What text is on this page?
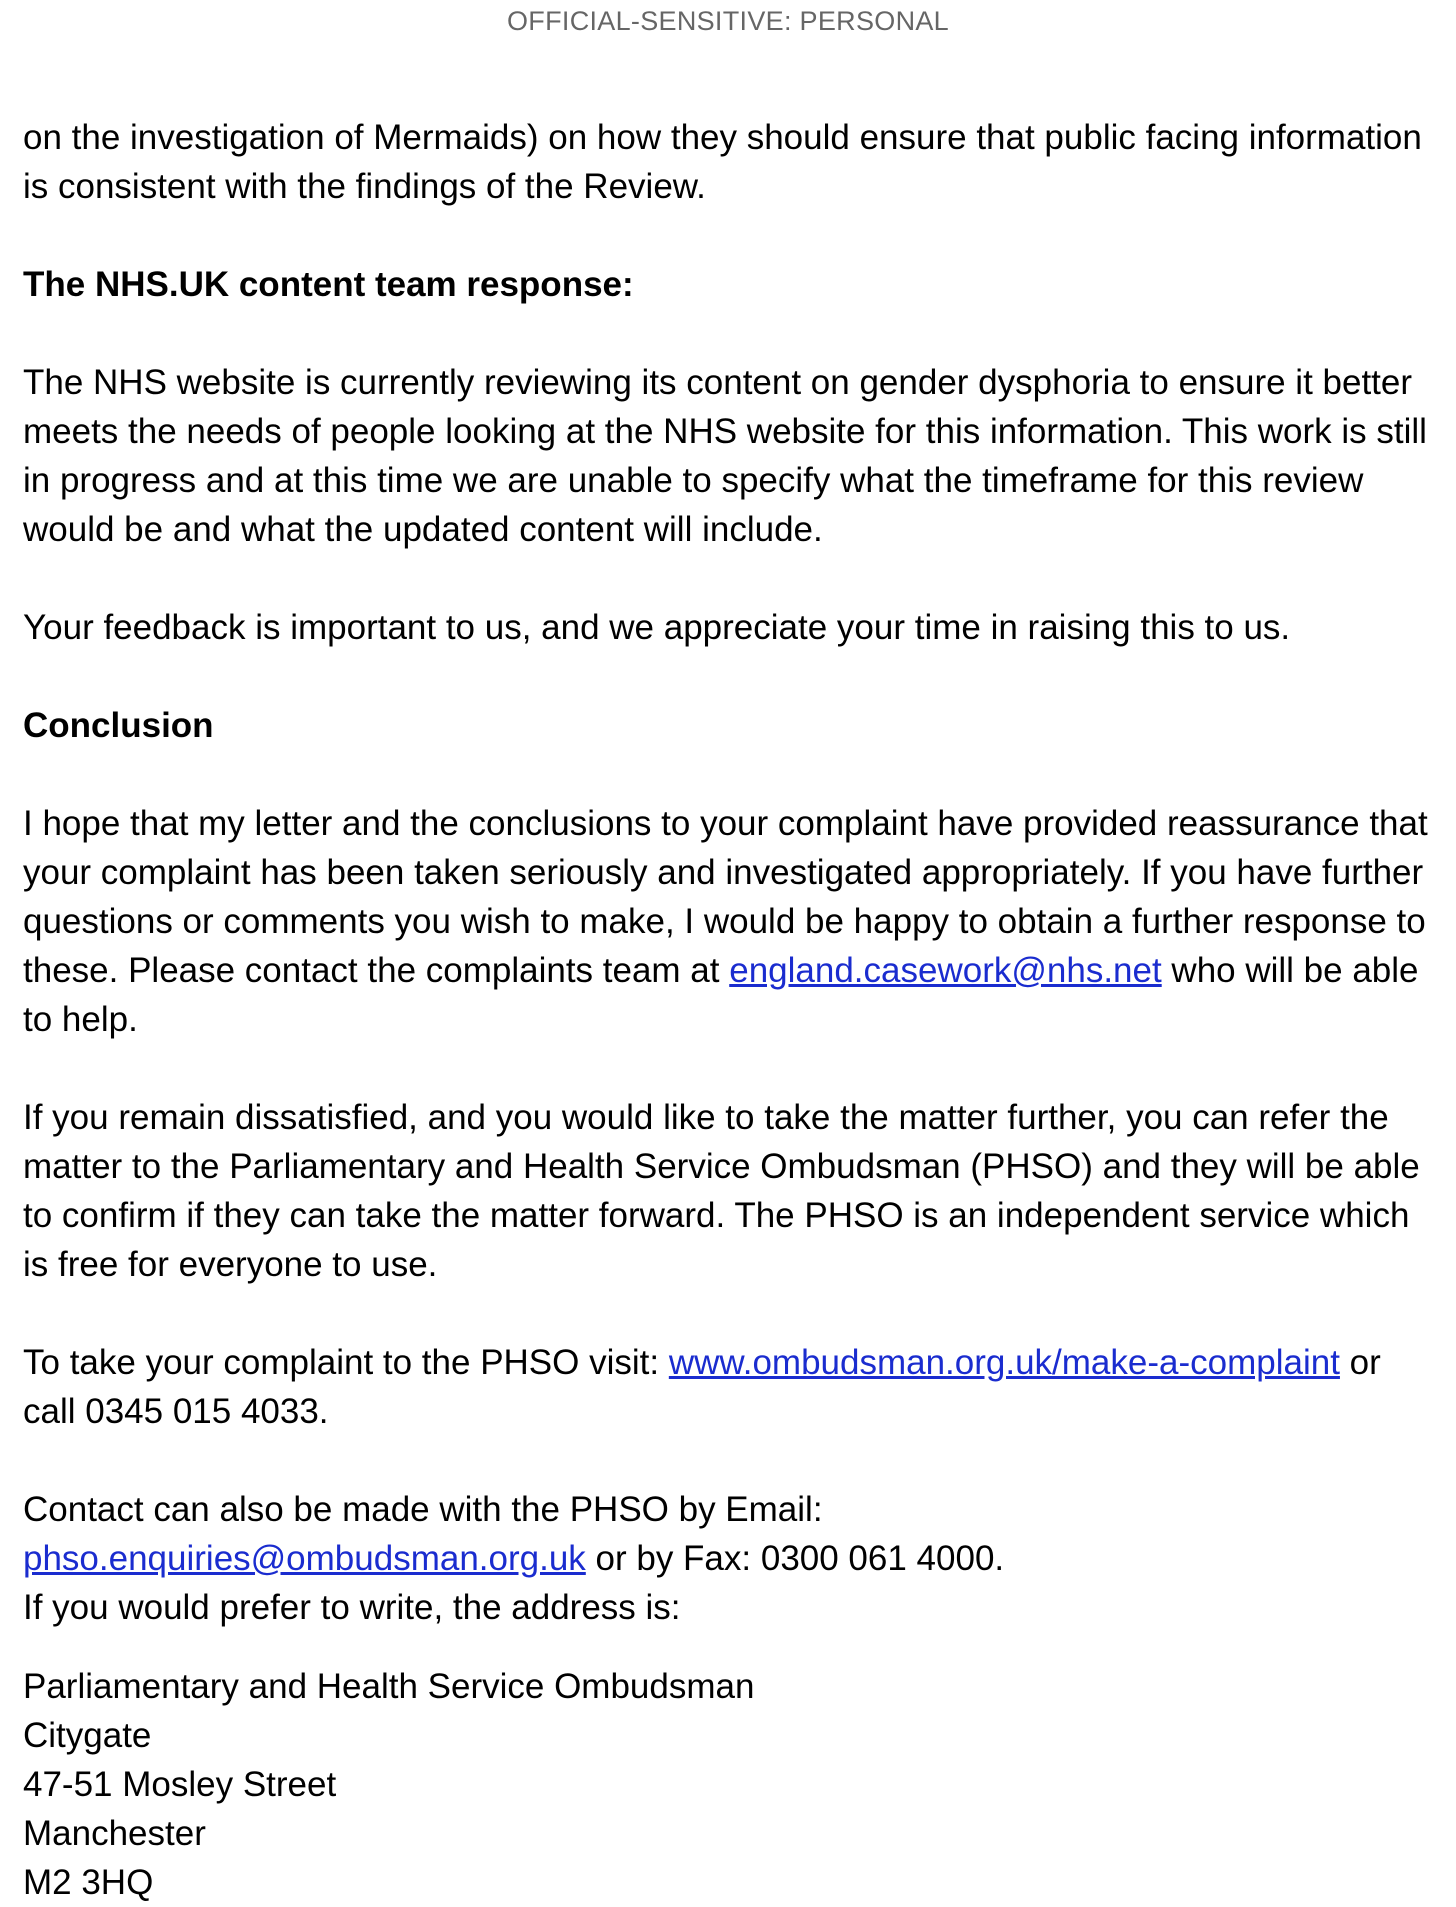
OFFICIAL-SENSITIVE: PERSONAL

on the investigation of Mermaids) on how they should ensure that public facing information is consistent with the findings of the Review.

The NHS.UK content team response:

The NHS website is currently reviewing its content on gender dysphoria to ensure it better meets the needs of people looking at the NHS website for this information. This work is still in progress and at this time we are unable to specify what the timeframe for this review would be and what the updated content will include.

Your feedback is important to us, and we appreciate your time in raising this to us.

Conclusion

I hope that my letter and the conclusions to your complaint have provided reassurance that your complaint has been taken seriously and investigated appropriately. If you have further questions or comments you wish to make, I would be happy to obtain a further response to these. Please contact the complaints team at england.casework@nhs.net who will be able to help.

If you remain dissatisfied, and you would like to take the matter further, you can refer the matter to the Parliamentary and Health Service Ombudsman (PHSO) and they will be able to confirm if they can take the matter forward. The PHSO is an independent service which is free for everyone to use.

To take your complaint to the PHSO visit: www.ombudsman.org.uk/make-a-complaint or call 0345 015 4033.

Contact can also be made with the PHSO by Email:
phso.enquiries@ombudsman.org.uk or by Fax: 0300 061 4000.
If you would prefer to write, the address is:

Parliamentary and Health Service Ombudsman
Citygate
47-51 Mosley Street
Manchester
M2 3HQ
